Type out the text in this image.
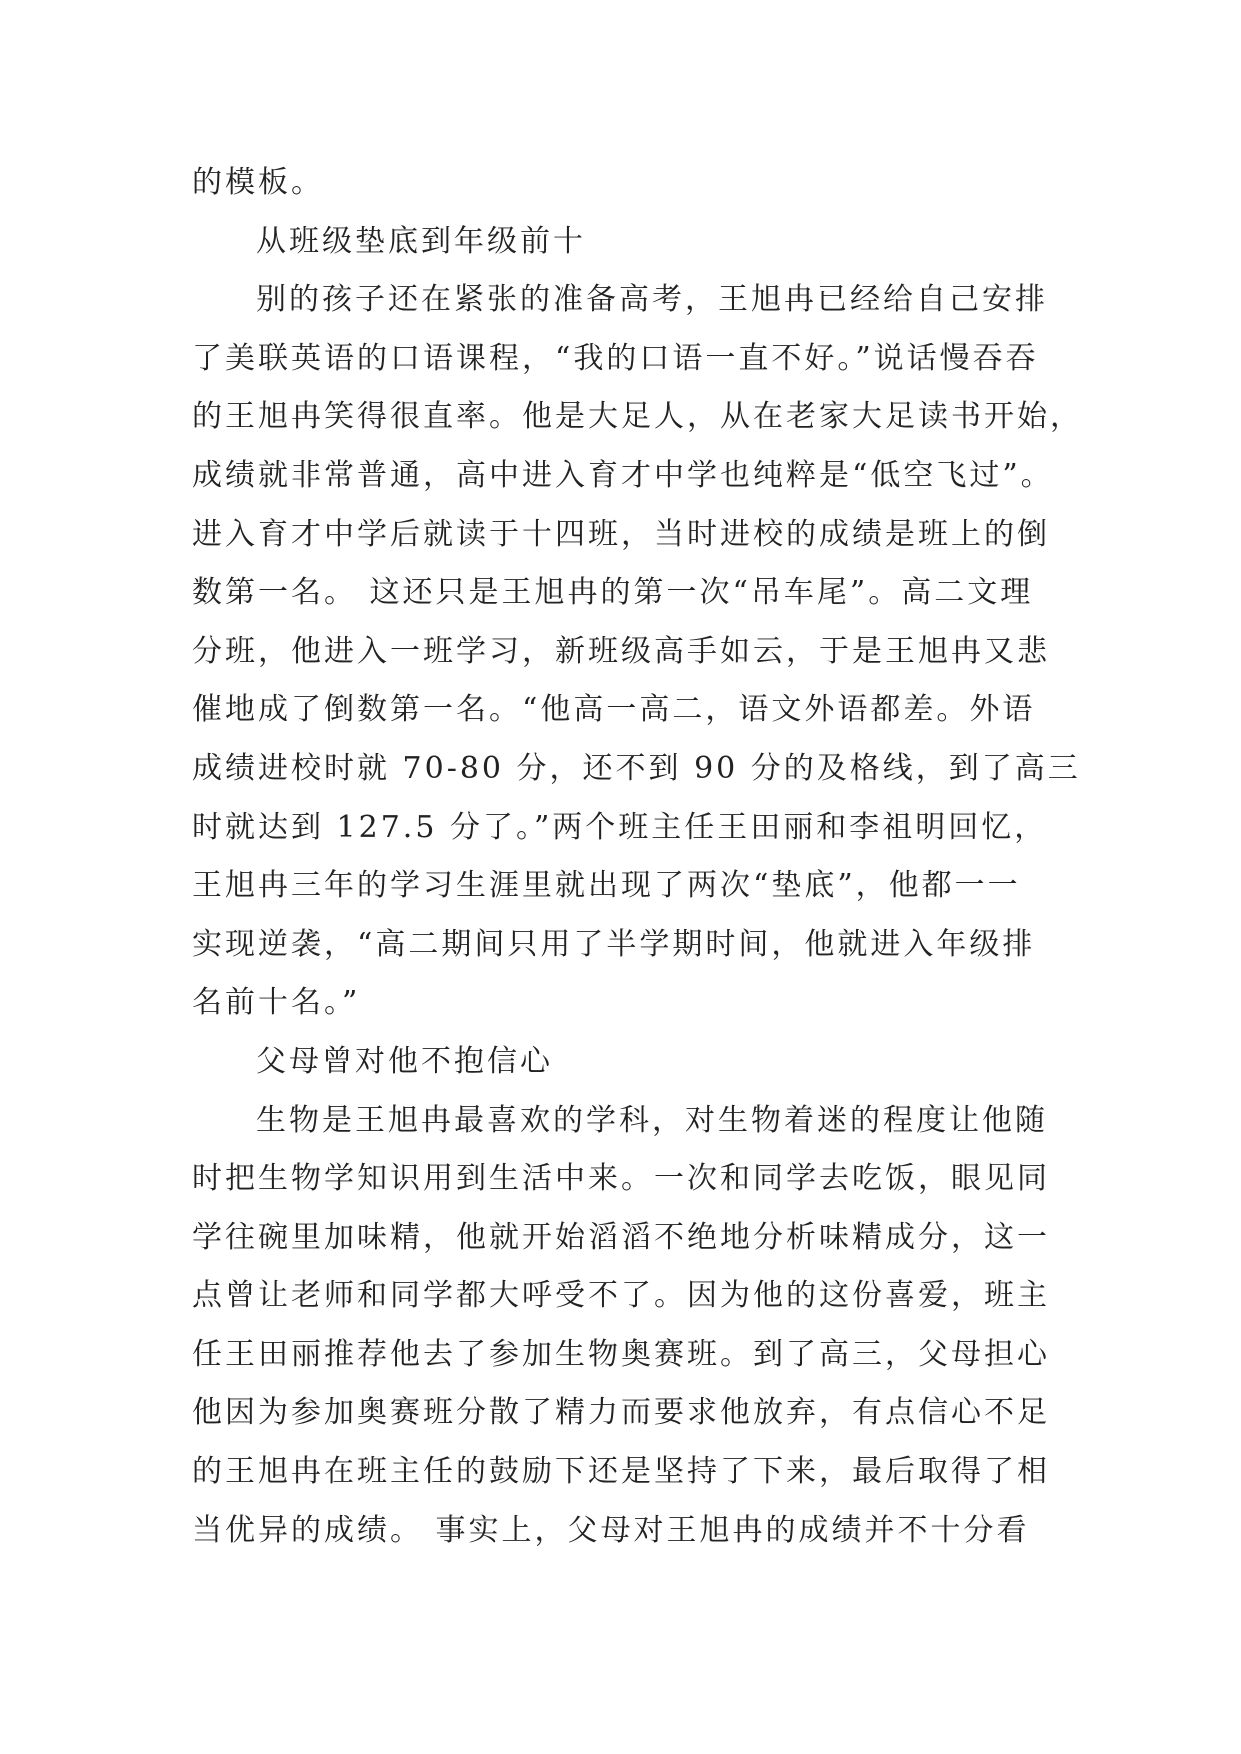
的模板。
从班级垫底到年级前十
别的孩子还在紧张的准备高考，王旭冉已经给自己安排
了美联英语的口语课程，“我的口语一直不好。”说话慢吞吞
的王旭冉笑得很直率。他是大足人，从在老家大足读书开始，
成绩就非常普通，高中进入育才中学也纯粹是“低空飞过”。
进入育才中学后就读于十四班，当时进校的成绩是班上的倒
数第一名。 这还只是王旭冉的第一次“吊车尾”。高二文理
分班，他进入一班学习，新班级高手如云，于是王旭冉又悲
催地成了倒数第一名。“他高一高二，语文外语都差。外语
成绩进校时就 70-80 分，还不到 90 分的及格线，到了高三
时就达到 127.5 分了。”两个班主任王田丽和李祖明回忆，
王旭冉三年的学习生涯里就出现了两次“垫底”，他都一一
实现逆袭，“高二期间只用了半学期时间，他就进入年级排
名前十名。”
父母曾对他不抱信心
生物是王旭冉最喜欢的学科，对生物着迷的程度让他随
时把生物学知识用到生活中来。一次和同学去吃饭，眼见同
学往碗里加味精，他就开始滔滔不绝地分析味精成分，这一
点曾让老师和同学都大呼受不了。因为他的这份喜爱，班主
任王田丽推荐他去了参加生物奥赛班。到了高三，父母担心
他因为参加奥赛班分散了精力而要求他放弃，有点信心不足
的王旭冉在班主任的鼓励下还是坚持了下来，最后取得了相
当优异的成绩。 事实上，父母对王旭冉的成绩并不十分看
